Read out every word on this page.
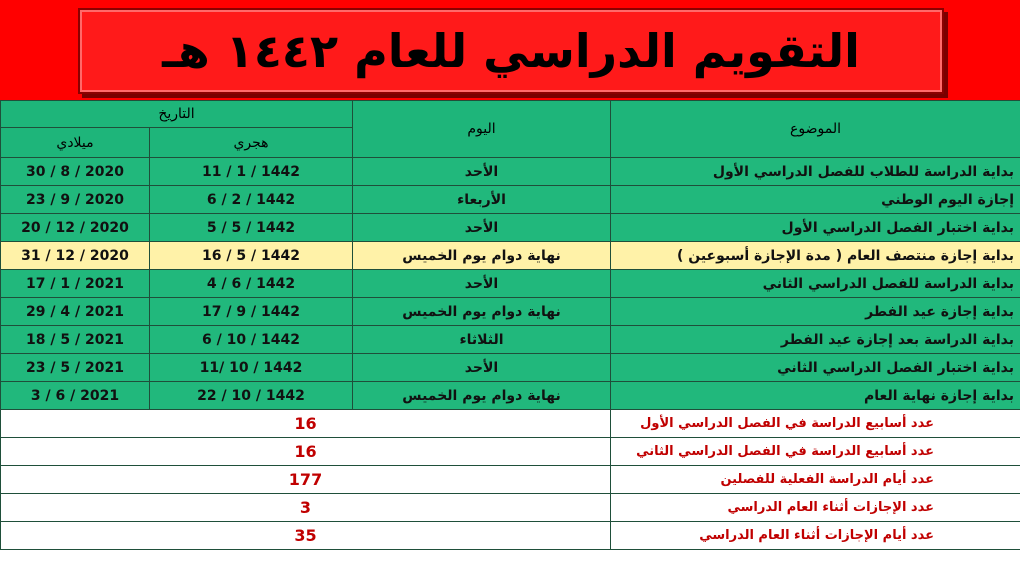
التقويم الدراسي للعام ١٤٤٢ هـ
الموضوع	اليوم	التاريخ	
		هجري	ميلادي
بداية الدراسة للطلاب للفصل الدراسي الأول	الأحد	11 / 1 / 1442	30 / 8 / 2020
إجازة اليوم الوطني	الأربعاء	6 / 2 / 1442	23 / 9 / 2020
بداية اختبار الفصل الدراسي الأول	الأحد	5 / 5 / 1442	20 / 12 / 2020
بداية إجازة منتصف العام ( مدة الإجازة أسبوعين )	نهاية دوام يوم الخميس	16 / 5 / 1442	31 / 12 / 2020
بداية الدراسة للفصل الدراسي الثاني	الأحد	4 / 6 / 1442	17 / 1 / 2021
بداية إجازة عيد الفطر	نهاية دوام يوم الخميس	17 / 9 / 1442	29 / 4 / 2021
بداية الدراسة بعد إجازة عيد الفطر	الثلاثاء	6 / 10 / 1442	18 / 5 / 2021
بداية اختبار الفصل الدراسي الثاني	الأحد	11/ 10 / 1442	23 / 5 / 2021
بداية إجازة نهاية العام	نهاية دوام يوم الخميس	22 / 10 / 1442	3 / 6 / 2021
عدد أسابيع الدراسة في الفصل الدراسي الأول	16		
عدد أسابيع الدراسة في الفصل الدراسي الثاني	16		
عدد أيام الدراسة الفعلية للفصلين	177		
عدد الإجازات أثناء العام الدراسي	3		
عدد أيام الإجازات أثناء العام الدراسي	35		
